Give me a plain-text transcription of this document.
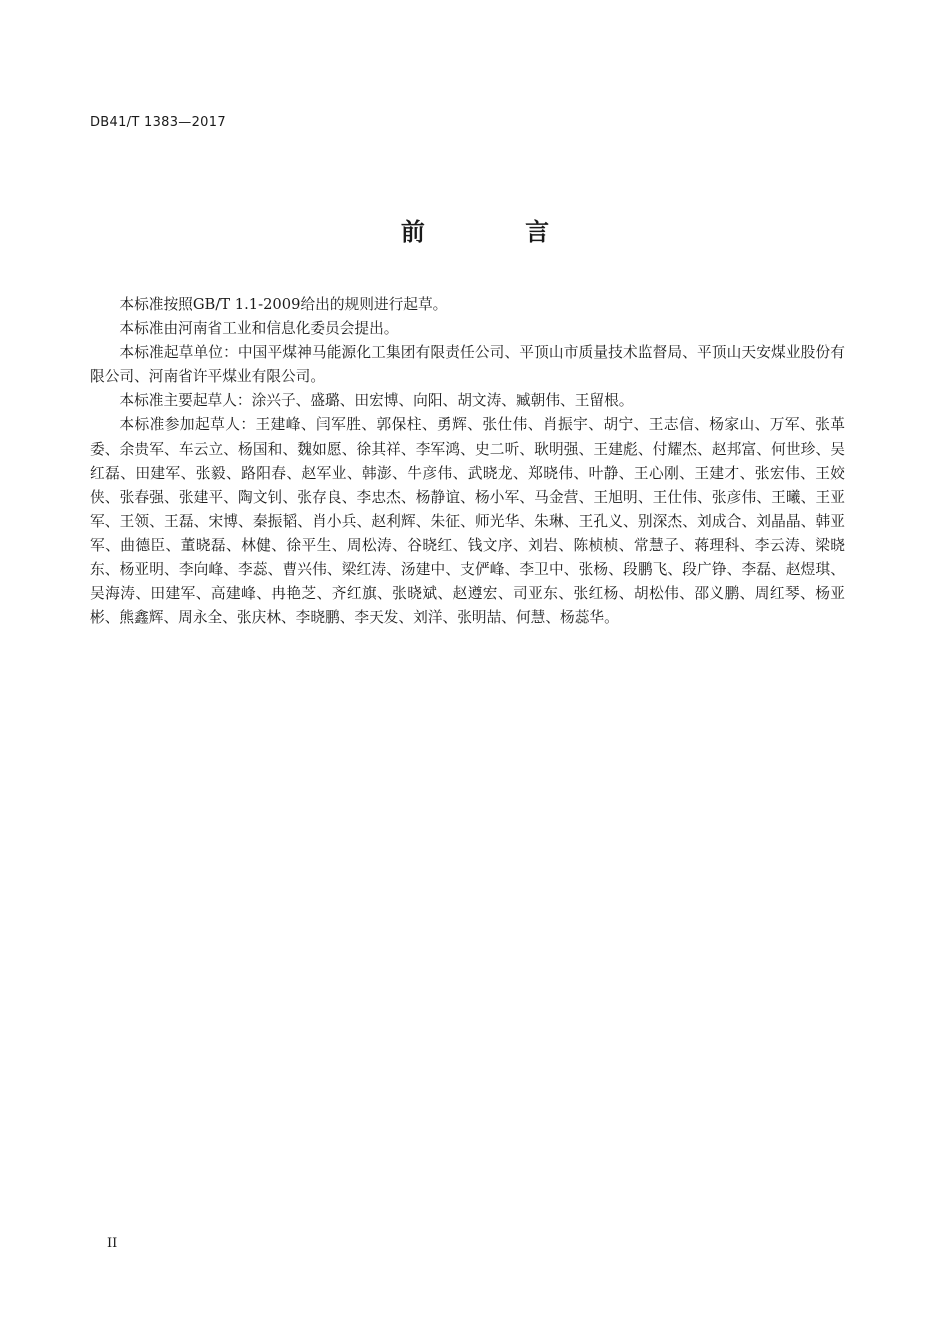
DB41/T 1383—2017
前 言

本标准按照GB/T 1.1-2009给出的规则进行起草。

本标准由河南省工业和信息化委员会提出。

本标准起草单位：中国平煤神马能源化工集团有限责任公司、平顶山市质量技术监督局、平顶山天安煤业股份有限公司、河南省许平煤业有限公司。

本标准主要起草人：涂兴子、盛璐、田宏博、向阳、胡文涛、臧朝伟、王留根。

本标准参加起草人：王建峰、闫军胜、郭保柱、勇辉、张仕伟、肖振宇、胡宁、王志信、杨家山、万军、张革委、余贵军、车云立、杨国和、魏如愿、徐其祥、李军鸿、史二听、耿明强、王建彪、付耀杰、赵邦富、何世珍、吴红磊、田建军、张毅、路阳春、赵军业、韩澎、牛彦伟、武晓龙、郑晓伟、叶静、王心刚、王建才、张宏伟、王姣侠、张春强、张建平、陶文钊、张存良、李忠杰、杨静谊、杨小军、马金营、王旭明、王仕伟、张彦伟、王曦、王亚军、王领、王磊、宋博、秦振韬、肖小兵、赵利辉、朱征、师光华、朱琳、王孔义、别深杰、刘成合、刘晶晶、韩亚军、曲德臣、董晓磊、林健、徐平生、周松涛、谷晓红、钱文序、刘岩、陈桢桢、常慧子、蒋理科、李云涛、梁晓东、杨亚明、李向峰、李蕊、曹兴伟、梁红涛、汤建中、支俨峰、李卫中、张杨、段鹏飞、段广铮、李磊、赵煜琪、吴海涛、田建军、高建峰、冉艳芝、齐红旗、张晓斌、赵遵宏、司亚东、张红杨、胡松伟、邵义鹏、周红琴、杨亚彬、熊鑫辉、周永全、张庆林、李晓鹏、李天发、刘洋、张明喆、何慧、杨蕊华。

II
